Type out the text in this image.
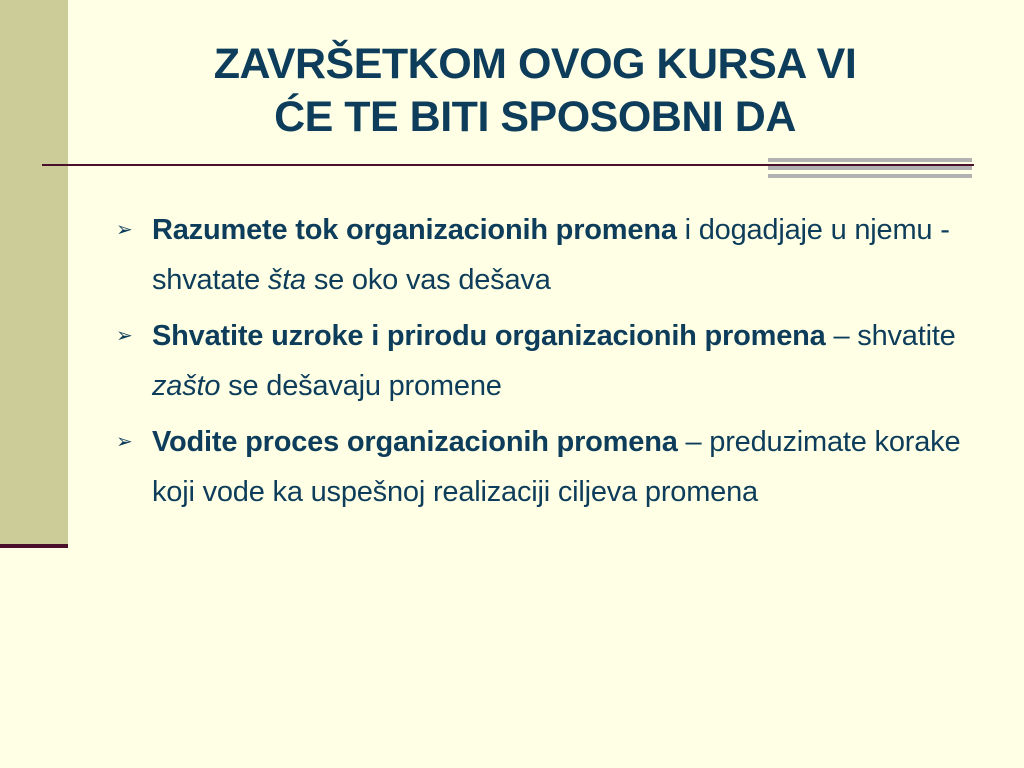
ZAVRŠETKOM OVOG KURSA VI
ĆE TE BITI SPOSOBNI DA
➢ Razumete tok organizacionih promena i dogadjaje u njemu - shvatate šta se oko vas dešava
➢ Shvatite uzroke i prirodu organizacionih promena – shvatite zašto se dešavaju promene
➢ Vodite proces organizacionih promena – preduzimate korake koji vode ka uspešnoj realizaciji ciljeva promena
